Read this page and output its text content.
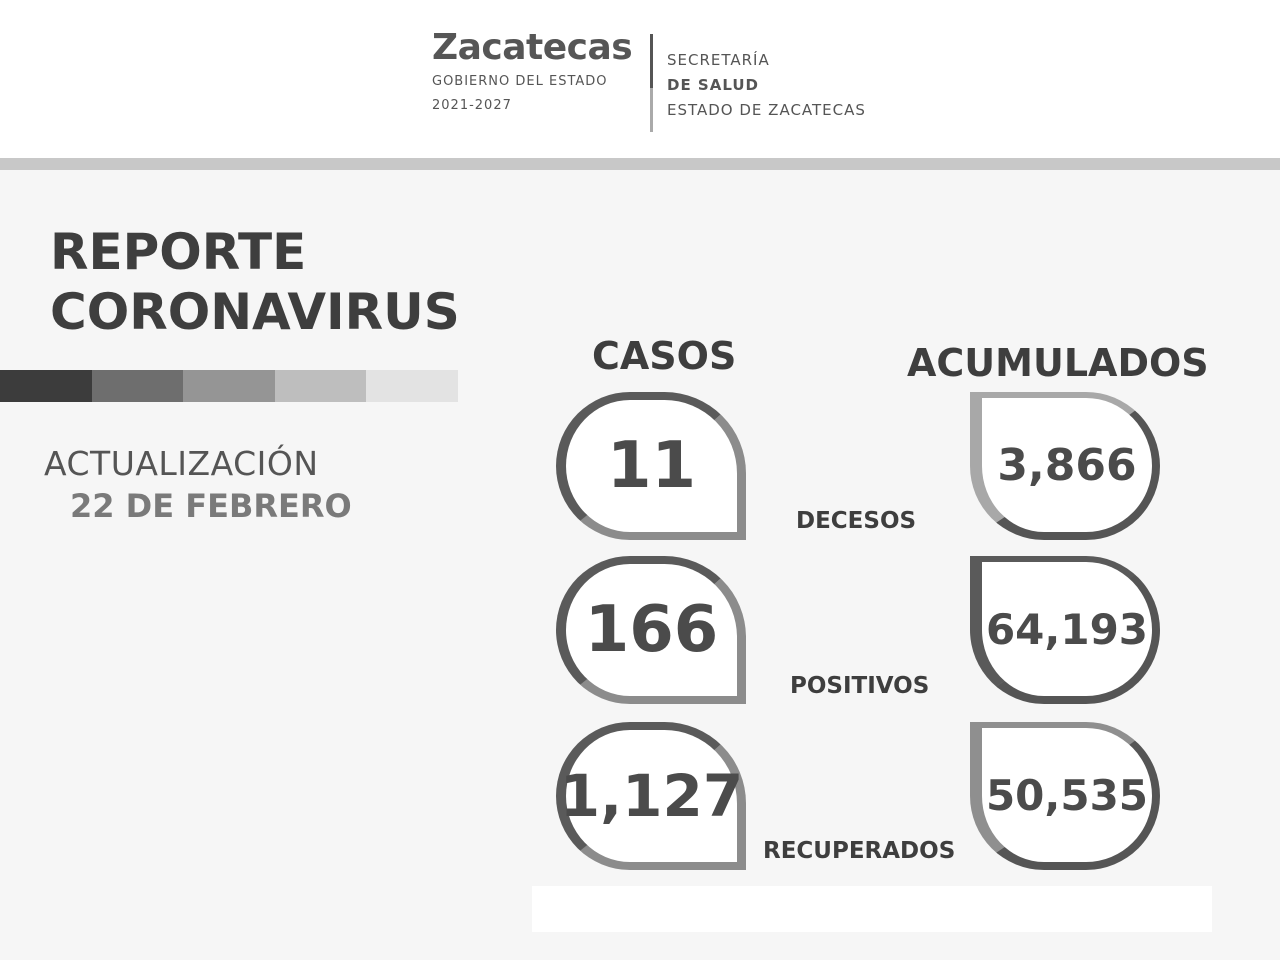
Zacatecas
GOBIERNO DEL ESTADO
2021-2027
SECRETARÍA
DE SALUD
ESTADO DE ZACATECAS
REPORTE
CORONAVIRUS
ACTUALIZACIÓN
22 DE FEBRERO
CASOS	ACUMULADOS
11
DECESOS
3,866
166
POSITIVOS
64,193
1,127
RECUPERADOS
50,535
